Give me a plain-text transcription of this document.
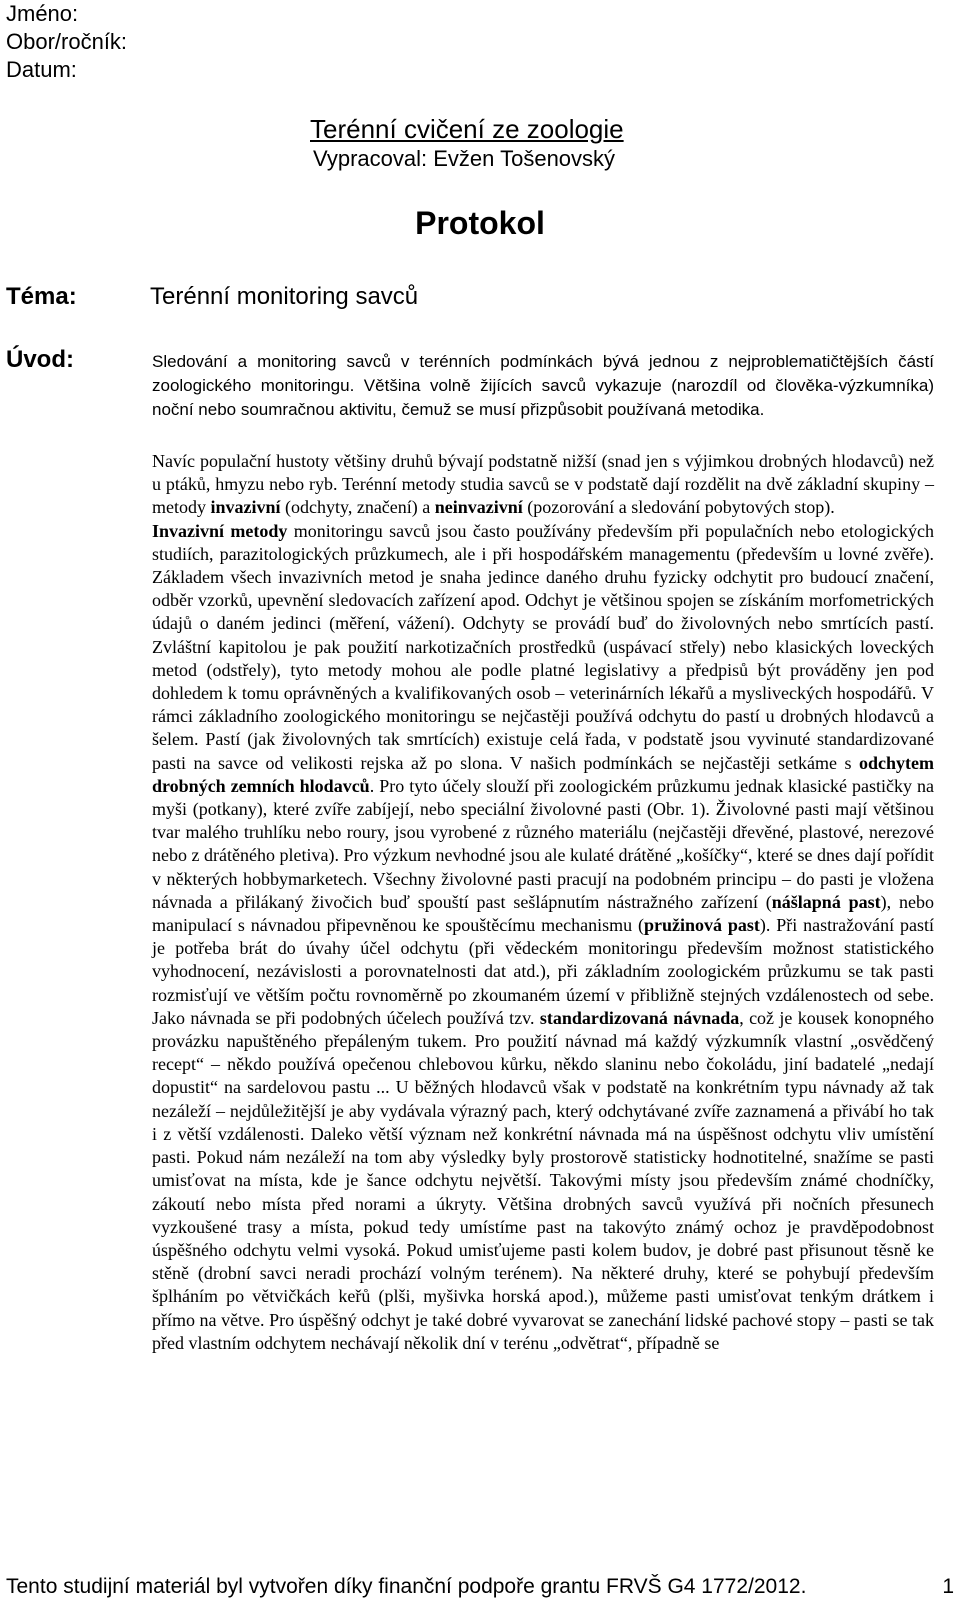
Jméno:
Obor/ročník:
Datum:
Terénní cvičení ze zoologie
Vypracoval: Evžen Tošenovský
Protokol
Téma:	Terénní monitoring savců
Úvod:	Sledování a monitoring savců v terénních podmínkách bývá jednou z nejproblematičtějších částí zoologického monitoringu. Většina volně žijících savců vykazuje (narozdíl od člověka-výzkumníka) noční nebo soumračnou aktivitu, čemuž se musí přizpůsobit používaná metodika.

Navíc populační hustoty většiny druhů bývají podstatně nižší (snad jen s výjimkou drobných hlodavců) než u ptáků, hmyzu nebo ryb. Terénní metody studia savců se v podstatě dají rozdělit na dvě základní skupiny – metody invazivní (odchyty, značení) a neinvazivní (pozorování a sledování pobytových stop).

Invazivní metody monitoringu savců jsou často používány především při populačních nebo etologických studiích, parazitologických průzkumech, ale i při hospodářském managementu (především u lovné zvěře). Základem všech invazivních metod je snaha jedince daného druhu fyzicky odchytit pro budoucí značení, odběr vzorků, upevnění sledovacích zařízení apod. Odchyt je většinou spojen se získáním morfometrických údajů o daném jedinci (měření, vážení). Odchyty se provádí buď do živolovných nebo smrtících pastí. Zvláštní kapitolou je pak použití narkotizačních prostředků (uspávací střely) nebo klasických loveckých metod (odstřely), tyto metody mohou ale podle platné legislativy a předpisů být prováděny jen pod dohledem k tomu oprávněných a kvalifikovaných osob – veterinárních lékařů a mysliveckých hospodářů. V rámci základního zoologického monitoringu se nejčastěji používá odchytu do pastí u drobných hlodavců a šelem. Pastí (jak živolovných tak smrtících) existuje celá řada, v podstatě jsou vyvinuté standardizované pasti na savce od velikosti rejska až po slona. V našich podmínkách se nejčastěji setkáme s odchytem drobných zemních hlodavců. Pro tyto účely slouží při zoologickém průzkumu jednak klasické pastičky na myši (potkany), které zvíře zabíjejí, nebo speciální živolovné pasti (Obr. 1). Živolovné pasti mají většinou tvar malého truhlíku nebo roury, jsou vyrobené z různého materiálu (nejčastěji dřevěné, plastové, nerezové nebo z drátěného pletiva). Pro výzkum nevhodné jsou ale kulaté drátěné „košíčky“, které se dnes dají pořídit v některých hobbymarketech. Všechny živolovné pasti pracují na podobném principu – do pasti je vložena návnada a přilákaný živočich buď spouští past sešlápnutím nástražného zařízení (nášlapná past), nebo manipulací s návnadou připevněnou ke spouštěcímu mechanismu (pružinová past). Při nastražování pastí je potřeba brát do úvahy účel odchytu (při vědeckém monitoringu především možnost statistického vyhodnocení, nezávislosti a porovnatelnosti dat atd.), při základním zoologickém průzkumu se tak pasti rozmisťují ve větším počtu rovnoměrně po zkoumaném území v přibližně stejných vzdálenostech od sebe. Jako návnada se při podobných účelech používá tzv. standardizovaná návnada, což je kousek konopného provázku napuštěného přepáleným tukem. Pro použití návnad má každý výzkumník vlastní „osvědčený recept“ – někdo používá opečenou chlebovou kůrku, někdo slaninu nebo čokoládu, jiní badatelé „nedají dopustit“ na sardelovou pastu ... U běžných hlodavců však v podstatě na konkrétním typu návnady až tak nezáleží – nejdůležitější je aby vydávala výrazný pach, který odchytávané zvíře zaznamená a přivábí ho tak i z větší vzdálenosti. Daleko větší význam než konkrétní návnada má na úspěšnost odchytu vliv umístění pasti. Pokud nám nezáleží na tom aby výsledky byly prostorově statisticky hodnotitelné, snažíme se pasti umisťovat na místa, kde je šance odchytu největší. Takovými místy jsou především známé chodníčky, zákoutí nebo místa před norami a úkryty. Většina drobných savců využívá při nočních přesunech vyzkoušené trasy a místa, pokud tedy umístíme past na takovýto známý ochoz je pravděpodobnost úspěšného odchytu velmi vysoká. Pokud umisťujeme pasti kolem budov, je dobré past přisunout těsně ke stěně (drobní savci neradi prochází volným terénem). Na některé druhy, které se pohybují především šplháním po větvičkách keřů (plši, myšivka horská apod.), můžeme pasti umisťovat tenkým drátkem i přímo na větve. Pro úspěšný odchyt je také dobré vyvarovat se zanechání lidské pachové stopy – pasti se tak před vlastním odchytem nechávají několik dní v terénu „odvětrat“, případně se

Tento studijní materiál byl vytvořen díky finanční podpoře grantu FRVŠ G4 1772/2012.	1
